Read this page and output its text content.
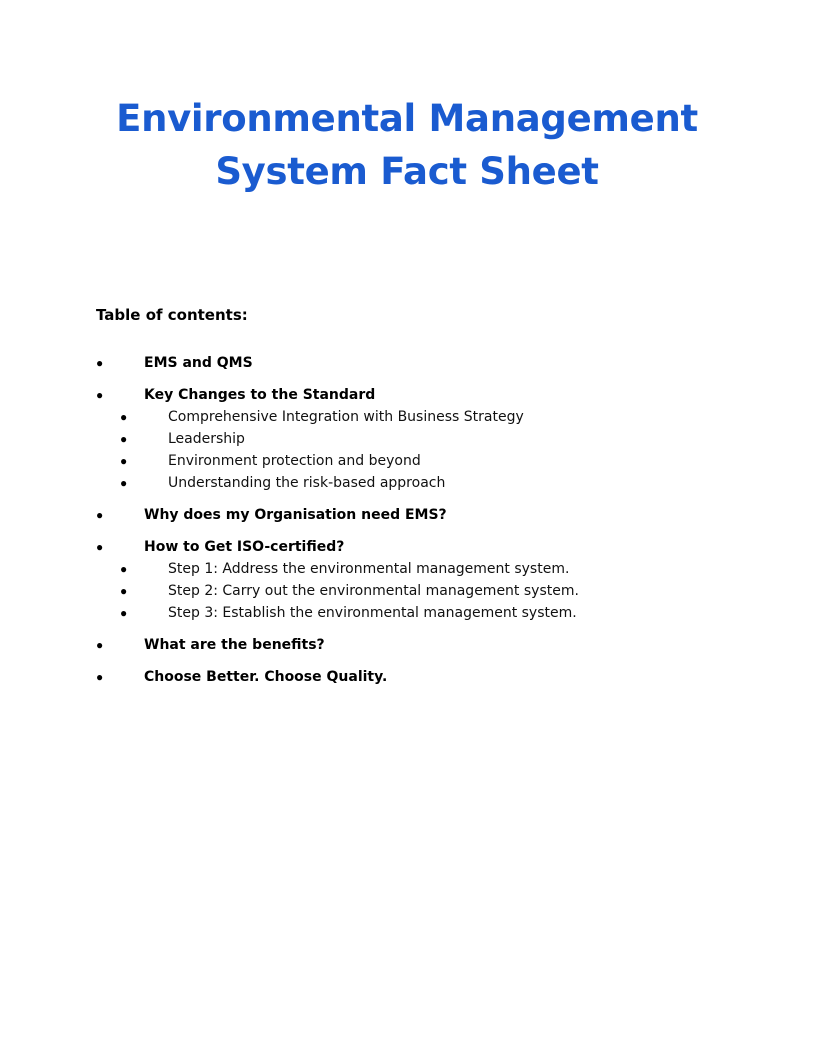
Environmental Management
System Fact Sheet
Table of contents:
●	EMS and QMS
●	Key Changes to the Standard
●	Comprehensive Integration with Business Strategy
●	Leadership
●	Environment protection and beyond
●	Understanding the risk-based approach
●	Why does my Organisation need EMS?
●	How to Get ISO-certified?
●	Step 1: Address the environmental management system.
●	Step 2: Carry out the environmental management system.
●	Step 3: Establish the environmental management system.
●	What are the benefits?
●	Choose Better. Choose Quality.
